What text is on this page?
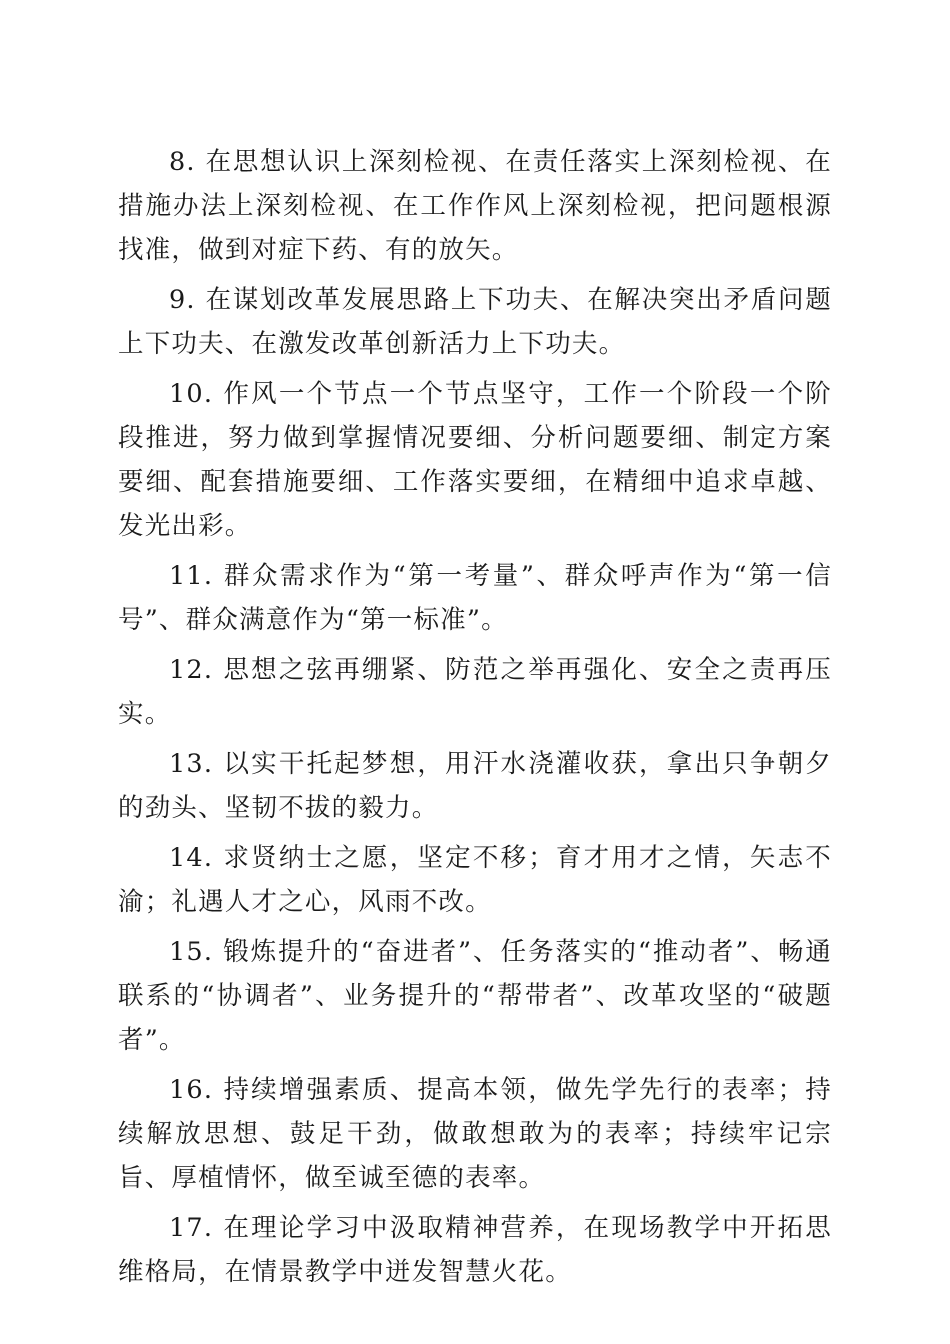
8. 在思想认识上深刻检视、在责任落实上深刻检视、在措施办法上深刻检视、在工作作风上深刻检视，把问题根源找准，做到对症下药、有的放矢。

9. 在谋划改革发展思路上下功夫、在解决突出矛盾问题上下功夫、在激发改革创新活力上下功夫。

10. 作风一个节点一个节点坚守，工作一个阶段一个阶段推进，努力做到掌握情况要细、分析问题要细、制定方案要细、配套措施要细、工作落实要细，在精细中追求卓越、发光出彩。

11. 群众需求作为“第一考量”、群众呼声作为“第一信号”、群众满意作为“第一标准”。

12. 思想之弦再绷紧、防范之举再强化、安全之责再压实。

13. 以实干托起梦想，用汗水浇灌收获，拿出只争朝夕的劲头、坚韧不拔的毅力。

14. 求贤纳士之愿，坚定不移；育才用才之情，矢志不渝；礼遇人才之心，风雨不改。

15. 锻炼提升的“奋进者”、任务落实的“推动者”、畅通联系的“协调者”、业务提升的“帮带者”、改革攻坚的“破题者”。

16. 持续增强素质、提高本领，做先学先行的表率；持续解放思想、鼓足干劲，做敢想敢为的表率；持续牢记宗旨、厚植情怀，做至诚至德的表率。

17. 在理论学习中汲取精神营养，在现场教学中开拓思维格局，在情景教学中迸发智慧火花。
